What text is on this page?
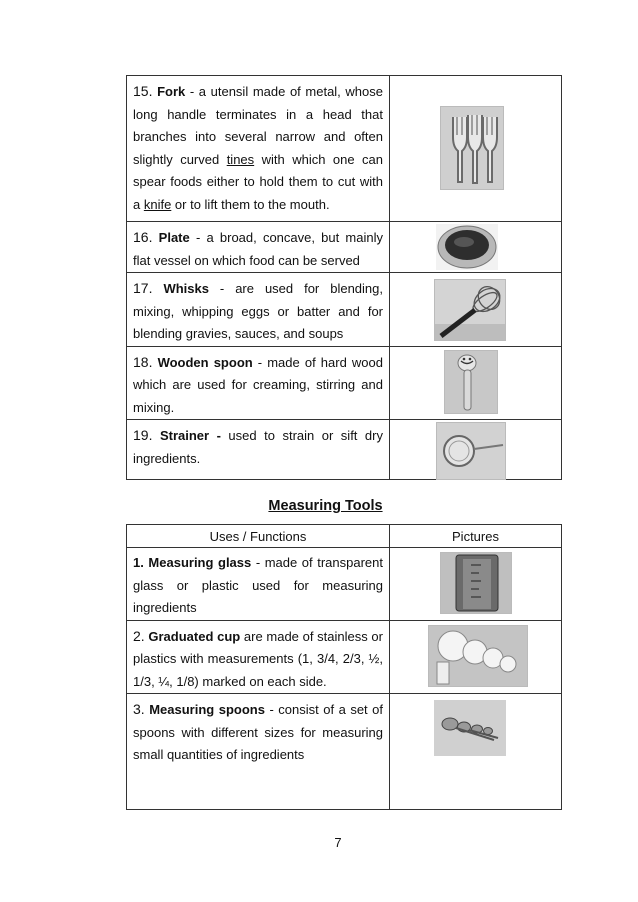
15. Fork - a utensil made of metal, whose long handle terminates in a head that branches into several narrow and often slightly curved tines with which one can spear foods either to hold them to cut with a knife or to lift them to the mouth.

16. Plate - a broad, concave, but mainly flat vessel on which food can be served

17. Whisks - are used for blending, mixing, whipping eggs or batter and for blending gravies, sauces, and soups

18. Wooden spoon - made of hard wood which are used for creaming, stirring and mixing.

19. Strainer - used to strain or sift dry ingredients.

Measuring Tools
Uses / Functions	Pictures

1. Measuring glass - made of transparent glass or plastic used for measuring ingredients

2. Graduated cup are made of stainless or plastics with measurements (1, 3/4, 2/3, ½, 1/3, ¼, 1/8) marked on each side.

3. Measuring spoons - consist of a set of spoons with different sizes for measuring small quantities of ingredients

7
